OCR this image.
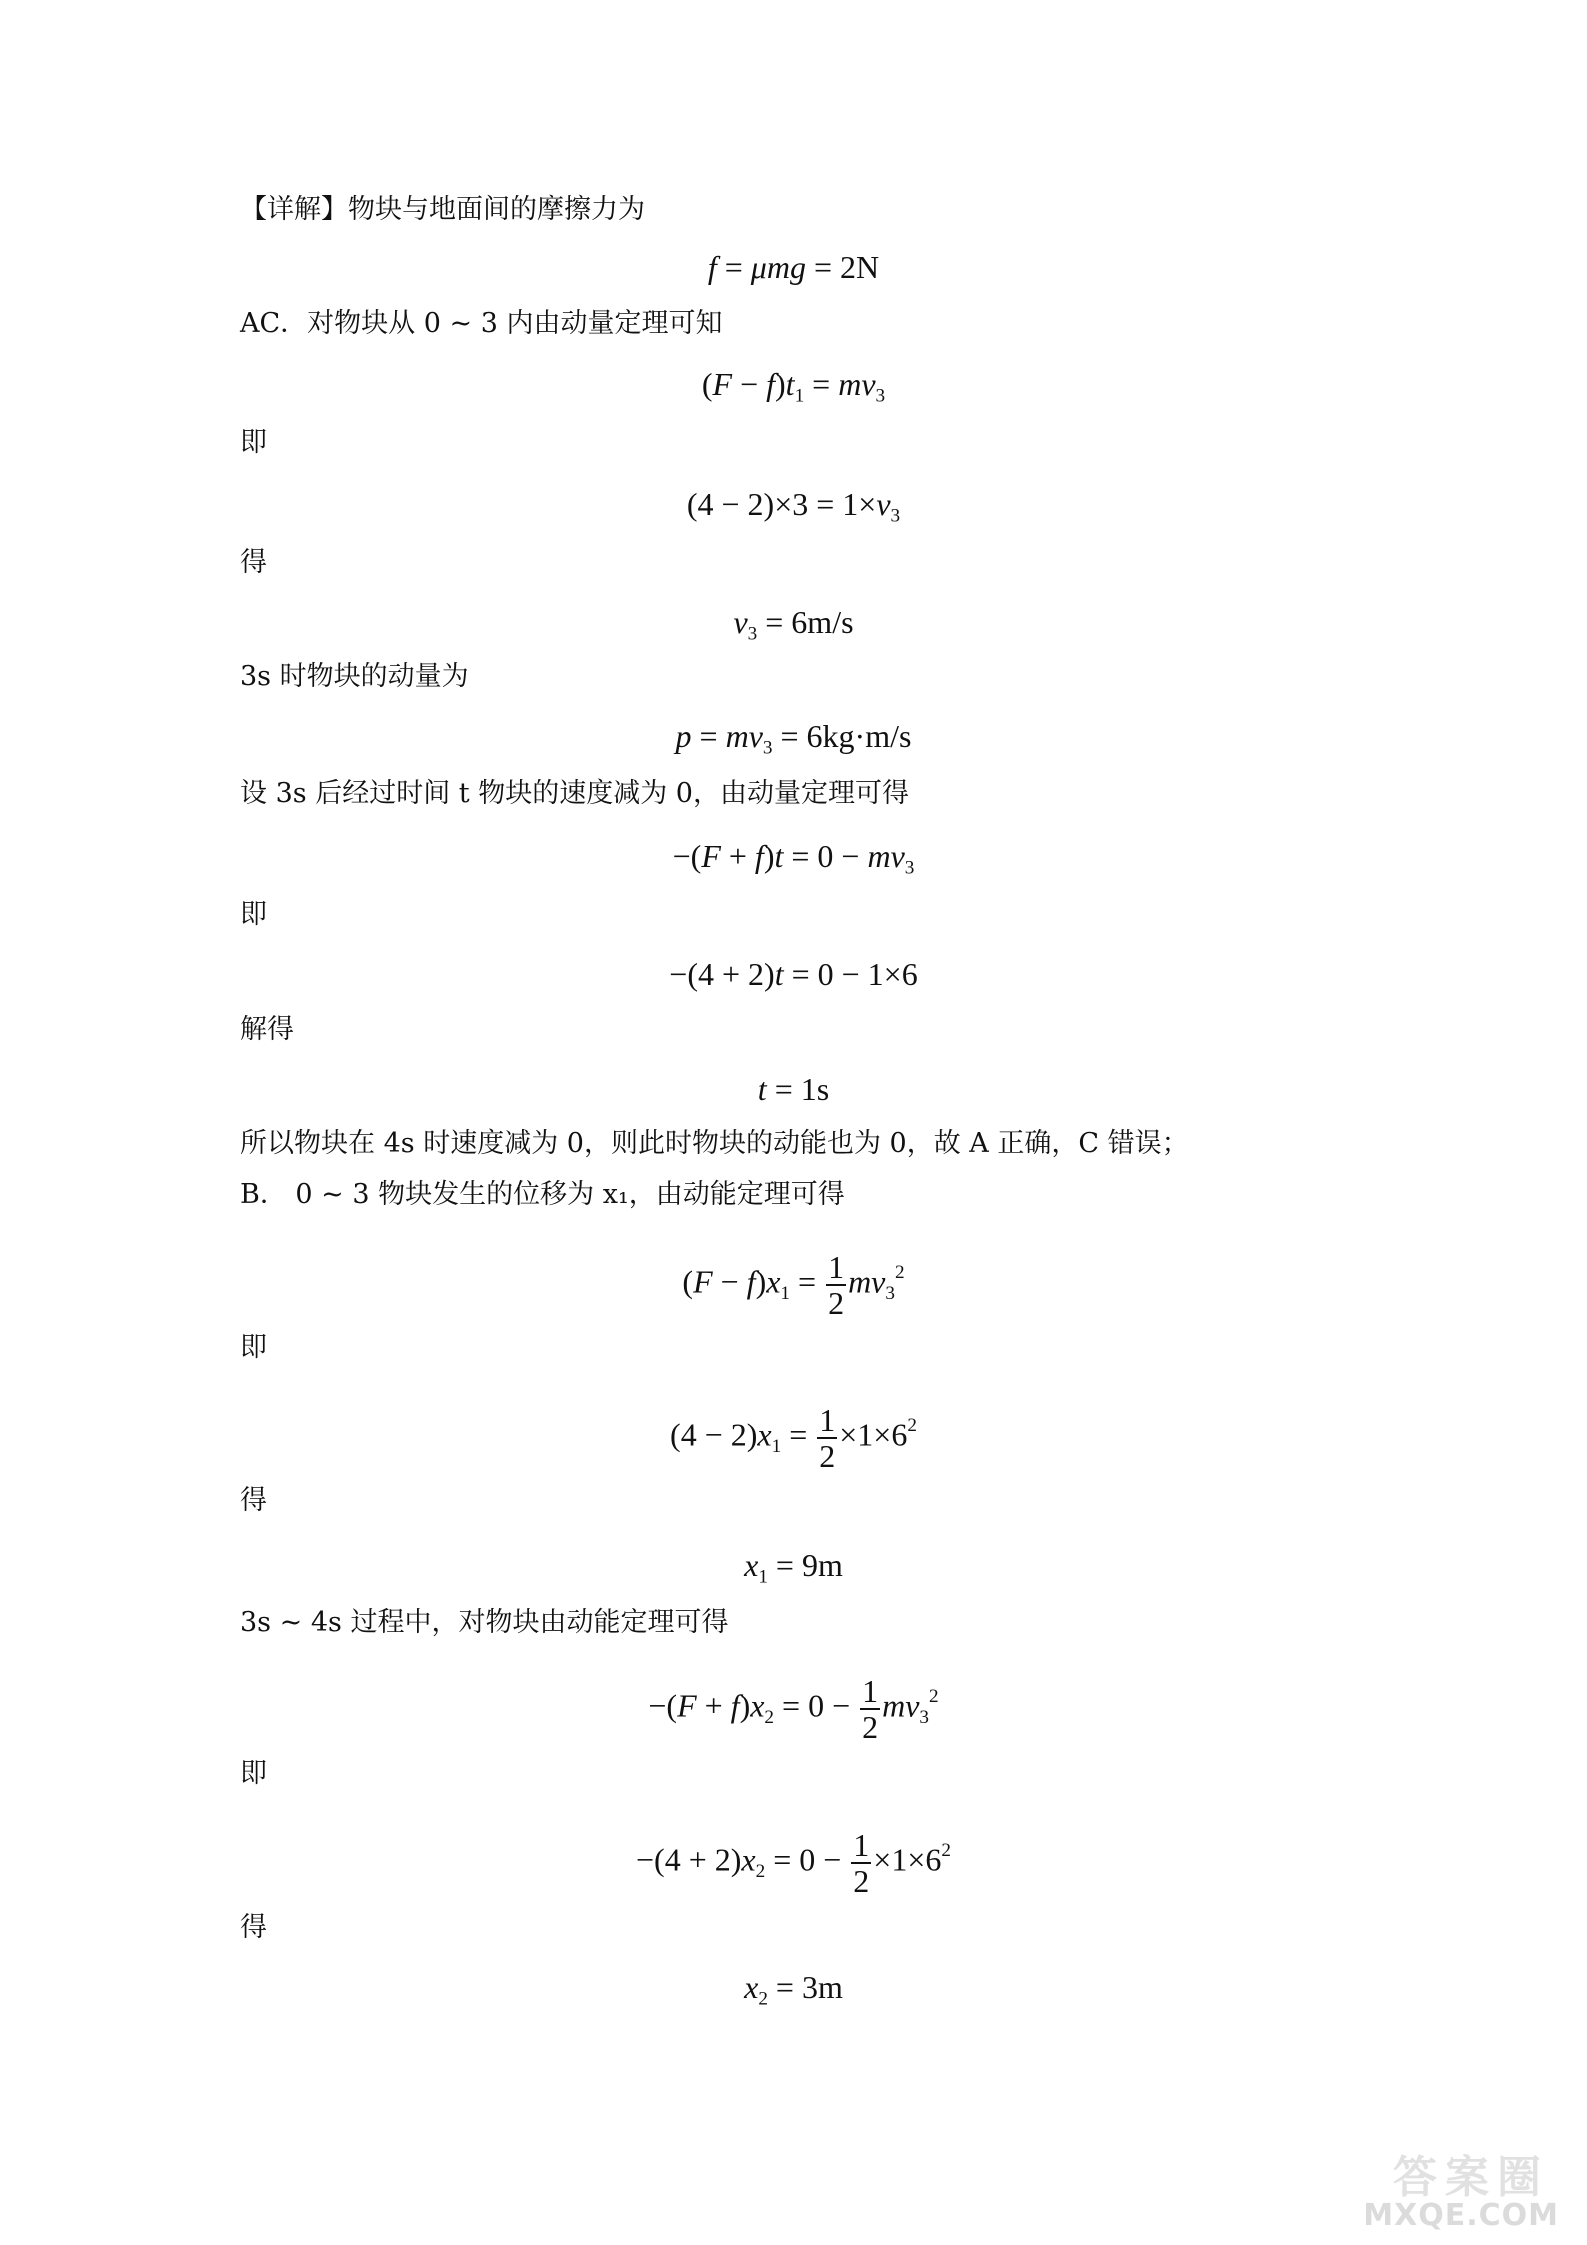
【详解】物块与地面间的摩擦力为
f = μmg = 2N
AC．对物块从 0 ~ 3 内由动量定理可知
$(F - f)t_1 = mv_3$
即
$(4 - 2)\times 3 = 1\times v_3$
得
$v_3 = 6m/s$
3s 时物块的动量为
$p = mv_3 = 6kg\cdot m/s$
设 3s 后经过时间 t 物块的速度减为 0，由动量定理可得
$-(F + f)t = 0 - mv_3$
即
−(4 + 2)t = 0 − 1×6
解得
t = 1s
所以物块在 4s 时速度减为 0，则此时物块的动能也为 0，故 A 正确，C 错误；
B． 0 ~ 3 物块发生的位移为 x₁，由动能定理可得
$(F - f)x_1 = \frac{1}{2} mv_3^2$
即
$(4 - 2)x_1 = \frac{1}{2} \times 1\times 6^2$
得
$x_1 = 9m$
3s ~ 4s 过程中，对物块由动能定理可得
$-(F + f)x_2 = 0 - \frac{1}{2} mv_3^2$
即
$-(4 + 2)x_2 = 0 - \frac{1}{2} \times 1\times 6^2$
得
$x_2 = 3m$
答案圈
MXQE.COM
